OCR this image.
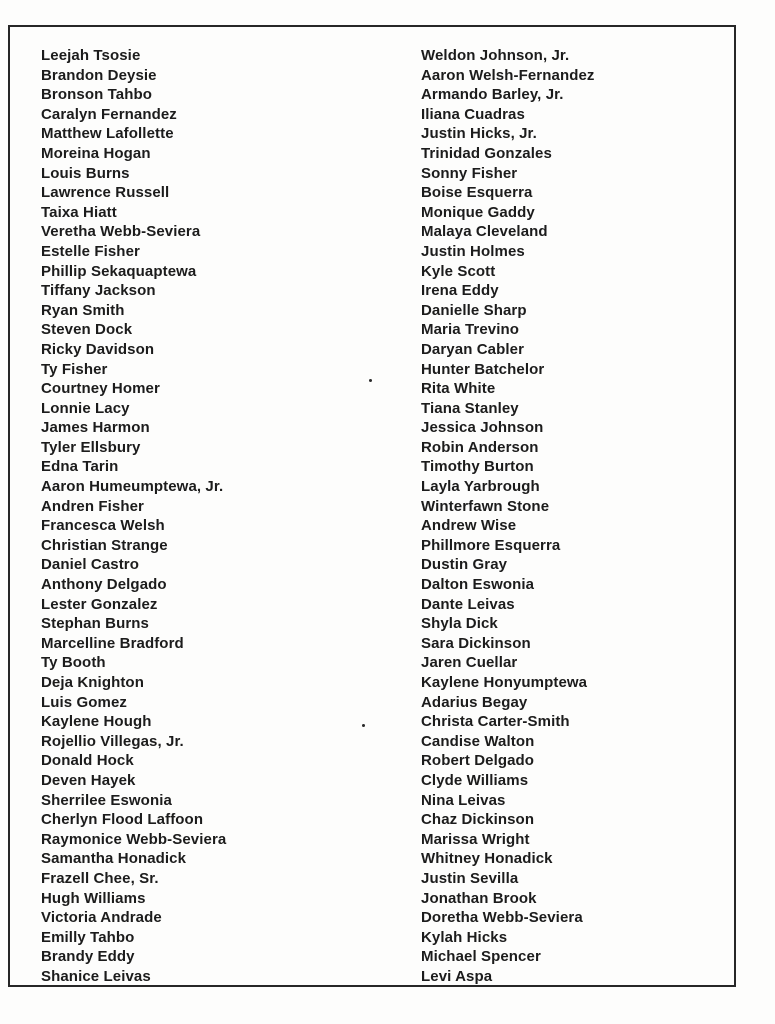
Leejah Tsosie
Brandon Deysie
Bronson Tahbo
Caralyn Fernandez
Matthew Lafollette
Moreina Hogan
Louis Burns
Lawrence Russell
Taixa Hiatt
Veretha Webb-Seviera
Estelle Fisher
Phillip Sekaquaptewa
Tiffany Jackson
Ryan Smith
Steven Dock
Ricky Davidson
Ty Fisher
Courtney Homer
Lonnie Lacy
James Harmon
Tyler Ellsbury
Edna Tarin
Aaron Humeumptewa, Jr.
Andren Fisher
Francesca Welsh
Christian Strange
Daniel Castro
Anthony Delgado
Lester Gonzalez
Stephan Burns
Marcelline Bradford
Ty Booth
Deja Knighton
Luis Gomez
Kaylene Hough
Rojellio Villegas, Jr.
Donald Hock
Deven Hayek
Sherrilee Eswonia
Cherlyn Flood Laffoon
Raymonice Webb-Seviera
Samantha Honadick
Frazell Chee, Sr.
Hugh Williams
Victoria Andrade
Emilly Tahbo
Brandy Eddy
Shanice Leivas
Weldon Johnson, Jr.
Aaron Welsh-Fernandez
Armando Barley, Jr.
Iliana Cuadras
Justin Hicks, Jr.
Trinidad Gonzales
Sonny Fisher
Boise Esquerra
Monique Gaddy
Malaya Cleveland
Justin Holmes
Kyle Scott
Irena Eddy
Danielle Sharp
Maria Trevino
Daryan Cabler
Hunter Batchelor
Rita White
Tiana Stanley
Jessica Johnson
Robin Anderson
Timothy Burton
Layla Yarbrough
Winterfawn Stone
Andrew Wise
Phillmore Esquerra
Dustin Gray
Dalton Eswonia
Dante Leivas
Shyla Dick
Sara Dickinson
Jaren Cuellar
Kaylene Honyumptewa
Adarius Begay
Christa Carter-Smith
Candise Walton
Robert Delgado
Clyde Williams
Nina Leivas
Chaz Dickinson
Marissa Wright
Whitney Honadick
Justin Sevilla
Jonathan Brook
Doretha Webb-Seviera
Kylah Hicks
Michael Spencer
Levi Aspa
